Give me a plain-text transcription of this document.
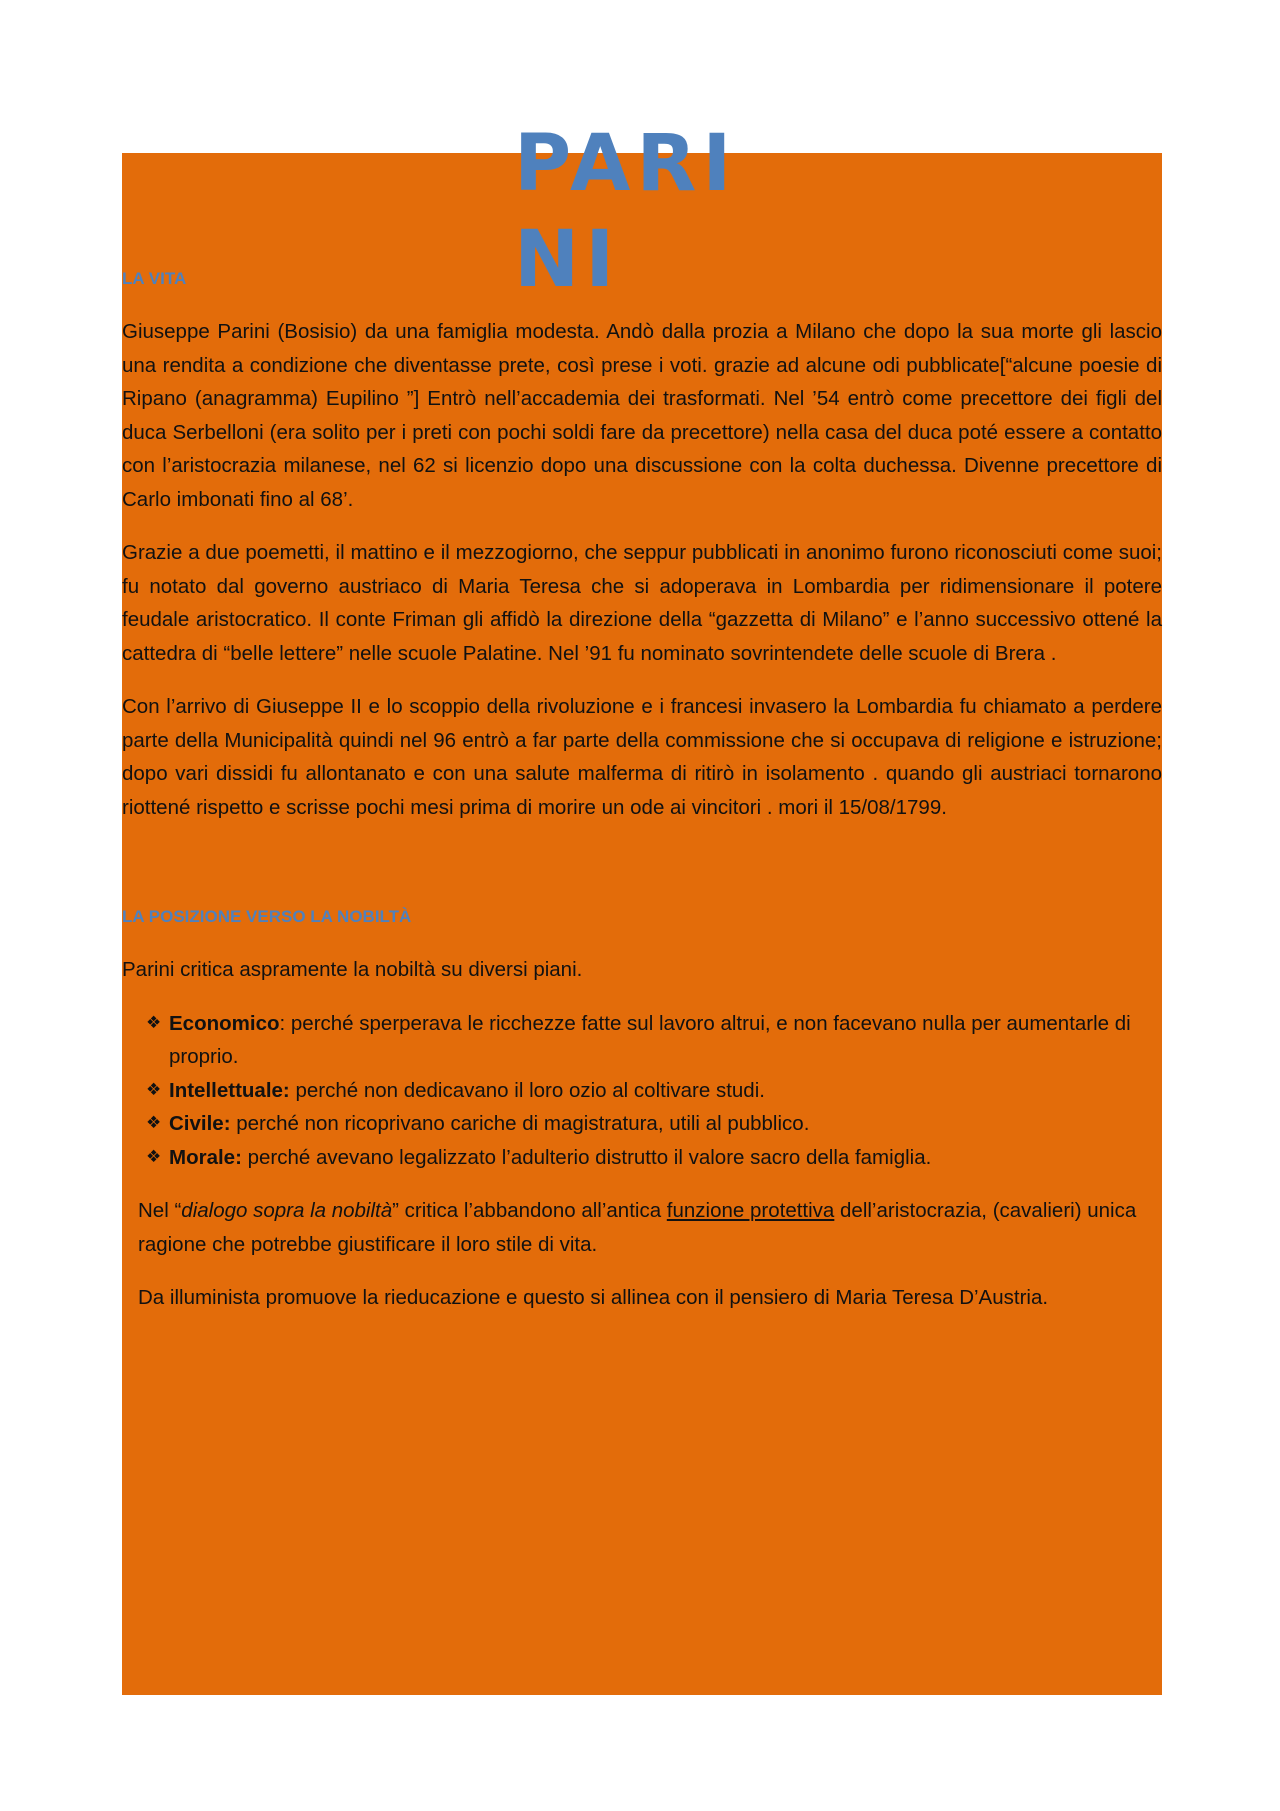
PARINI
LA VITA

Giuseppe Parini (Bosisio) da una famiglia modesta. Andò dalla prozia a Milano che dopo la sua morte gli lascio una rendita a condizione che diventasse prete, così prese i voti. grazie ad alcune odi pubblicate[“alcune poesie di Ripano (anagramma) Eupilino ”] Entrò nell’accademia dei trasformati. Nel ’54 entrò come precettore dei figli del duca Serbelloni (era solito per i preti con pochi soldi fare da precettore) nella casa del duca poté essere a contatto con l’aristocrazia milanese, nel 62 si licenzio dopo una discussione con la colta duchessa. Divenne precettore di Carlo imbonati fino al 68’.

Grazie a due poemetti, il mattino e il mezzogiorno, che seppur pubblicati in anonimo furono riconosciuti come suoi; fu notato dal governo austriaco di Maria Teresa che si adoperava in Lombardia per ridimensionare il potere feudale aristocratico. Il conte Friman gli affidò la direzione della “gazzetta di Milano” e l’anno successivo ottené la cattedra di “belle lettere” nelle scuole Palatine. Nel ’91 fu nominato sovrintendete delle scuole di Brera .

Con l’arrivo di Giuseppe II e lo scoppio della rivoluzione e i francesi invasero la Lombardia fu chiamato a perdere parte della Municipalità quindi nel 96 entrò a far parte della commissione che si occupava di religione e istruzione; dopo vari dissidi fu allontanato e con una salute malferma di ritirò in isolamento . quando gli austriaci tornarono riottené rispetto e scrisse pochi mesi prima di morire un ode ai vincitori . mori il 15/08/1799.

LA POSIZIONE VERSO LA NOBILTÀ

Parini critica aspramente la nobiltà su diversi piani.

❖ Economico: perché sperperava le ricchezze fatte sul lavoro altrui, e non facevano nulla per aumentarle di proprio.
❖ Intellettuale: perché non dedicavano il loro ozio al coltivare studi.
❖ Civile: perché non ricoprivano cariche di magistratura, utili al pubblico.
❖ Morale: perché avevano legalizzato l’adulterio distrutto il valore sacro della famiglia.

Nel “dialogo sopra la nobiltà” critica l’abbandono all’antica funzione protettiva dell’aristocrazia, (cavalieri) unica ragione che potrebbe giustificare il loro stile di vita.

Da illuminista promuove la rieducazione e questo si allinea con il pensiero di Maria Teresa D’Austria.
